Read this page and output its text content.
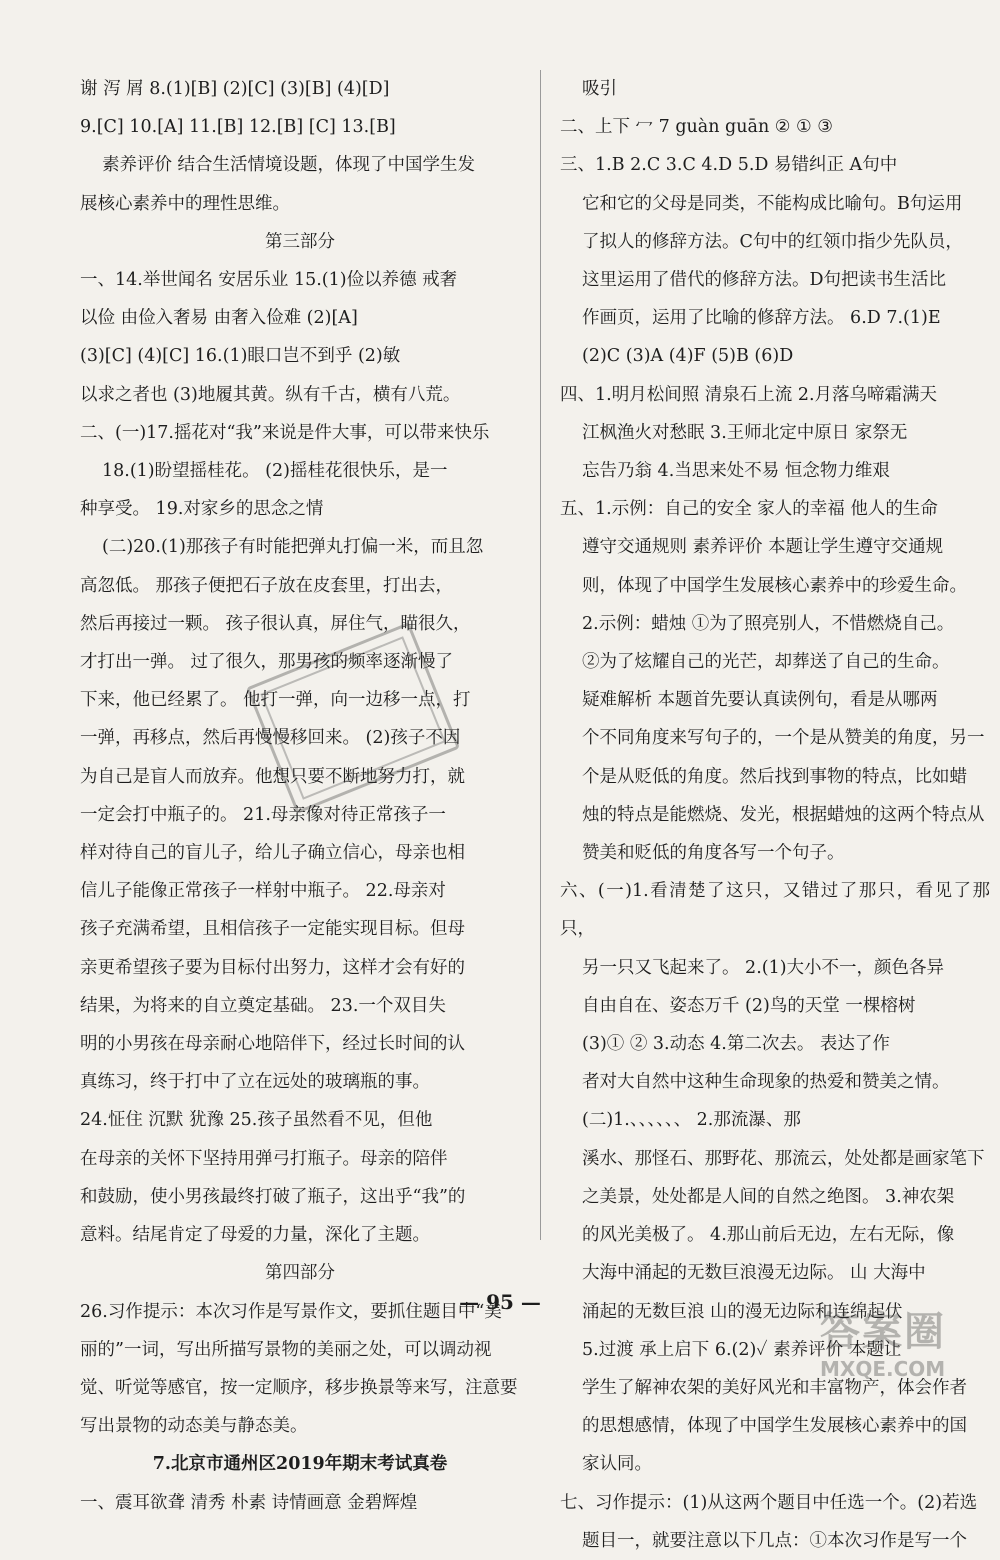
谢 泻 屑 8.(1)[B] (2)[C] (3)[B] (4)[D]

9.[C] 10.[A] 11.[B] 12.[B] [C] 13.[B]

素养评价 结合生活情境设题，体现了中国学生发

展核心素养中的理性思维。

第三部分

一、14.举世闻名 安居乐业 15.(1)俭以养德 戒奢

以俭 由俭入奢易 由奢入俭难 (2)[A]

(3)[C] (4)[C] 16.(1)眼口岂不到乎 (2)敏

以求之者也 (3)地履其黄。纵有千古，横有八荒。

二、(一)17.摇花对“我”来说是件大事，可以带来快乐

18.(1)盼望摇桂花。 (2)摇桂花很快乐，是一

种享受。 19.对家乡的思念之情

(二)20.(1)那孩子有时能把弹丸打偏一米，而且忽

高忽低。 那孩子便把石子放在皮套里，打出去，

然后再接过一颗。 孩子很认真，屏住气，瞄很久，

才打出一弹。 过了很久，那男孩的频率逐渐慢了

下来，他已经累了。 他打一弹，向一边移一点，打

一弹，再移点，然后再慢慢移回来。 (2)孩子不因

为自己是盲人而放弃。他想只要不断地努力打，就

一定会打中瓶子的。 21.母亲像对待正常孩子一

样对待自己的盲儿子，给儿子确立信心，母亲也相

信儿子能像正常孩子一样射中瓶子。 22.母亲对

孩子充满希望，且相信孩子一定能实现目标。但母

亲更希望孩子要为目标付出努力，这样才会有好的

结果，为将来的自立奠定基础。 23.一个双目失

明的小男孩在母亲耐心地陪伴下，经过长时间的认

真练习，终于打中了立在远处的玻璃瓶的事。

24.怔住 沉默 犹豫 25.孩子虽然看不见，但他

在母亲的关怀下坚持用弹弓打瓶子。母亲的陪伴

和鼓励，使小男孩最终打破了瓶子，这出乎“我”的

意料。结尾肯定了母爱的力量，深化了主题。

第四部分

26.习作提示：本次习作是写景作文，要抓住题目中“美

丽的”一词，写出所描写景物的美丽之处，可以调动视

觉、听觉等感官，按一定顺序，移步换景等来写，注意要

写出景物的动态美与静态美。

7.北京市通州区2019年期末考试真卷

一、震耳欲聋 清秀 朴素 诗情画意 金碧辉煌

吸引

二、上下 冖 7 guàn guān ② ① ③

三、1.B 2.C 3.C 4.D 5.D 易错纠正 A句中

它和它的父母是同类，不能构成比喻句。B句运用

了拟人的修辞方法。C句中的红领巾指少先队员，

这里运用了借代的修辞方法。D句把读书生活比

作画页，运用了比喻的修辞方法。 6.D 7.(1)E

(2)C (3)A (4)F (5)B (6)D

四、1.明月松间照 清泉石上流 2.月落乌啼霜满天

江枫渔火对愁眠 3.王师北定中原日 家祭无

忘告乃翁 4.当思来处不易 恒念物力维艰

五、1.示例：自己的安全 家人的幸福 他人的生命

遵守交通规则 素养评价 本题让学生遵守交通规

则，体现了中国学生发展核心素养中的珍爱生命。

2.示例：蜡烛 ①为了照亮别人，不惜燃烧自己。

②为了炫耀自己的光芒，却葬送了自己的生命。

疑难解析 本题首先要认真读例句，看是从哪两

个不同角度来写句子的，一个是从赞美的角度，另一

个是从贬低的角度。然后找到事物的特点，比如蜡

烛的特点是能燃烧、发光，根据蜡烛的这两个特点从

赞美和贬低的角度各写一个句子。

六、(一)1.看清楚了这只，又错过了那只，看见了那只，

另一只又飞起来了。 2.(1)大小不一，颜色各异

自由自在、姿态万千 (2)鸟的天堂 一棵榕树

(3)① ② 3.动态 4.第二次去。 表达了作

者对大自然中这种生命现象的热爱和赞美之情。

(二)1.、、、、、、 2.那流瀑、那

溪水、那怪石、那野花、那流云，处处都是画家笔下

之美景，处处都是人间的自然之绝图。 3.神农架

的风光美极了。 4.那山前后无边，左右无际，像

大海中涌起的无数巨浪漫无边际。 山 大海中

涌起的无数巨浪 山的漫无边际和连绵起伏

5.过渡 承上启下 6.(2)✓ 素养评价 本题让

学生了解神农架的美好风光和丰富物产，体会作者

的思想感情，体现了中国学生发展核心素养中的国

家认同。

七、习作提示：(1)从这两个题目中任选一个。(2)若选

题目一，就要注意以下几点：①本次习作是写一个

— 95 —
答案圈
MXQE.COM
